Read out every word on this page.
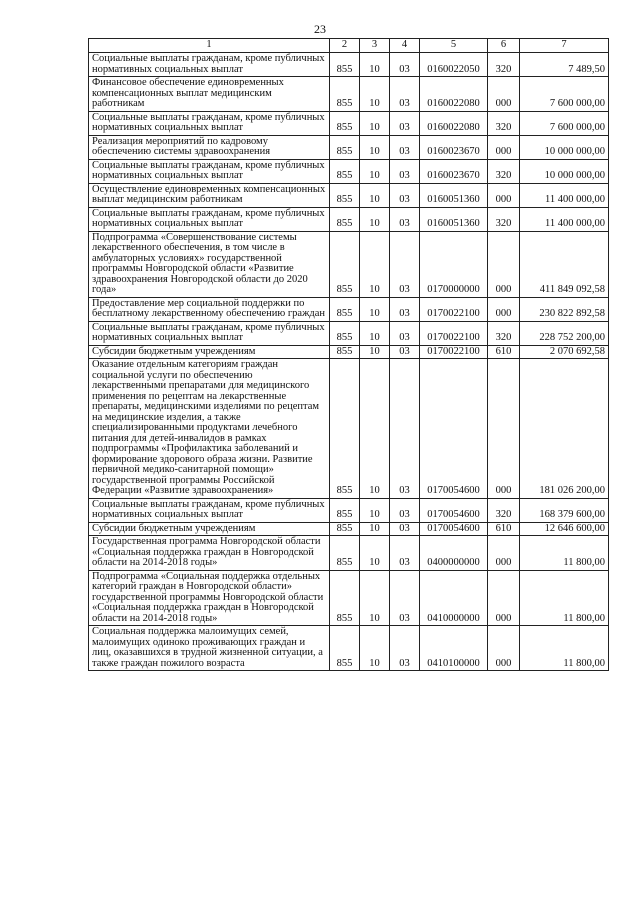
23
1	2	3	4	5	6	7
Социальные выплаты гражданам, кроме публичных нормативных социальных выплат	855	10	03	0160022050	320	7 489,50
Финансовое обеспечение единовременных компенсационных выплат медицинским работникам	855	10	03	0160022080	000	7 600 000,00
Социальные выплаты гражданам, кроме публичных нормативных социальных выплат	855	10	03	0160022080	320	7 600 000,00
Реализация мероприятий по кадровому обеспечению системы здравоохранения	855	10	03	0160023670	000	10 000 000,00
Социальные выплаты гражданам, кроме публичных нормативных социальных выплат	855	10	03	0160023670	320	10 000 000,00
Осуществление единовременных компенсационных выплат медицинским работникам	855	10	03	0160051360	000	11 400 000,00
Социальные выплаты гражданам, кроме публичных нормативных социальных выплат	855	10	03	0160051360	320	11 400 000,00
Подпрограмма «Совершенствование системы лекарственного обеспечения, в том числе в амбулаторных условиях» государственной программы Новгородской области «Развитие здравоохранения Новгородской области до 2020 года»	855	10	03	0170000000	000	411 849 092,58
Предоставление мер социальной поддержки по бесплатному лекарственному обеспечению граждан	855	10	03	0170022100	000	230 822 892,58
Социальные выплаты гражданам, кроме публичных нормативных социальных выплат	855	10	03	0170022100	320	228 752 200,00
Субсидии бюджетным учреждениям	855	10	03	0170022100	610	2 070 692,58
Оказание отдельным категориям граждан социальной услуги по обеспечению лекарственными препаратами для медицинского применения по рецептам на лекарственные препараты, медицинскими изделиями по рецептам на медицинские изделия, а также специализированными продуктами лечебного питания для детей-инвалидов в рамках подпрограммы «Профилактика заболеваний и формирование здорового образа жизни. Развитие первичной медико-санитарной помощи» государственной программы Российской Федерации «Развитие здравоохранения»	855	10	03	0170054600	000	181 026 200,00
Социальные выплаты гражданам, кроме публичных нормативных социальных выплат	855	10	03	0170054600	320	168 379 600,00
Субсидии бюджетным учреждениям	855	10	03	0170054600	610	12 646 600,00
Государственная программа Новгородской области «Социальная поддержка граждан в Новгородской области на 2014-2018 годы»	855	10	03	0400000000	000	11 800,00
Подпрограмма «Социальная поддержка отдельных категорий граждан в Новгородской области» государственной программы Новгородской области «Социальная поддержка граждан в Новгородской области на 2014-2018 годы»	855	10	03	0410000000	000	11 800,00
Социальная поддержка малоимущих семей, малоимущих одиноко проживающих граждан и лиц, оказавшихся в трудной жизненной ситуации, а также граждан пожилого возраста	855	10	03	0410100000	000	11 800,00
